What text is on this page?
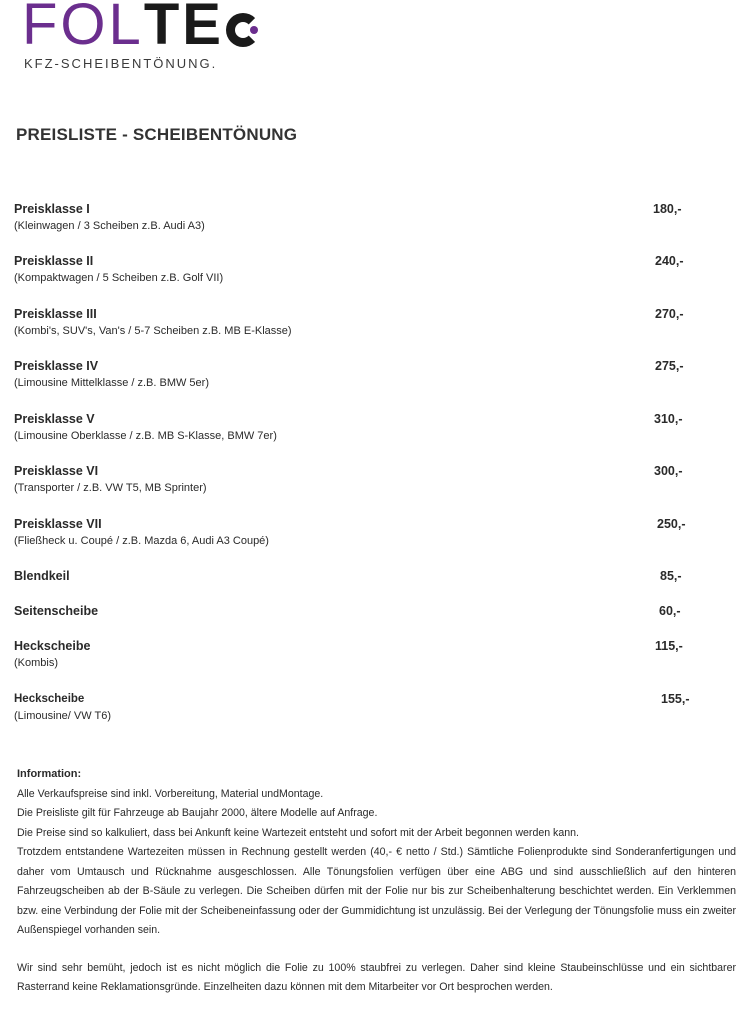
FOLTE
KFZ-SCHEIBENTÖNUNG.
PREISLISTE - SCHEIBENTÖNUNG
Preisklasse I
(Kleinwagen / 3 Scheiben z.B. Audi A3)
180,-
Preisklasse II
(Kompaktwagen / 5 Scheiben z.B. Golf VII)
240,-
Preisklasse III
(Kombi's, SUV's, Van's / 5-7 Scheiben z.B. MB E-Klasse)
270,-
Preisklasse IV
(Limousine Mittelklasse / z.B. BMW 5er)
275,-
Preisklasse V
(Limousine Oberklasse / z.B. MB S-Klasse, BMW 7er)
310,-
Preisklasse VI
(Transporter / z.B. VW T5, MB Sprinter)
300,-
Preisklasse VII
(Fließheck u. Coupé / z.B. Mazda 6, Audi A3 Coupé)
250,-
Blendkeil	85,-
Seitenscheibe	60,-
Heckscheibe
(Kombis)
115,-
Heckscheibe
(Limousine/ VW T6)
155,-

Information:

Alle Verkaufspreise sind inkl. Vorbereitung, Material undMontage.

Die Preisliste gilt für Fahrzeuge ab Baujahr 2000, ältere Modelle auf Anfrage.

Die Preise sind so kalkuliert, dass bei Ankunft keine Wartezeit entsteht und sofort mit der Arbeit begonnen werden kann.

Trotzdem entstandene Wartezeiten müssen in Rechnung gestellt werden (40,- € netto / Std.) Sämtliche Folienprodukte sind Sonderanfertigungen und daher vom Umtausch und Rücknahme ausgeschlossen. Alle Tönungsfolien verfügen über eine ABG und sind ausschließlich auf den hinteren Fahrzeugscheiben ab der B-Säule zu verlegen. Die Scheiben dürfen mit der Folie nur bis zur Scheibenhalterung beschichtet werden. Ein Verklemmen bzw. eine Verbindung der Folie mit der Scheibeneinfassung oder der Gummidichtung ist unzulässig. Bei der Verlegung der Tönungsfolie muss ein zweiter Außenspiegel vorhanden sein.

Wir sind sehr bemüht, jedoch ist es nicht möglich die Folie zu 100% staubfrei zu verlegen. Daher sind kleine Staubeinschlüsse und ein sichtbarer Rasterrand keine Reklamationsgründe. Einzelheiten dazu können mit dem Mitarbeiter vor Ort besprochen werden.
